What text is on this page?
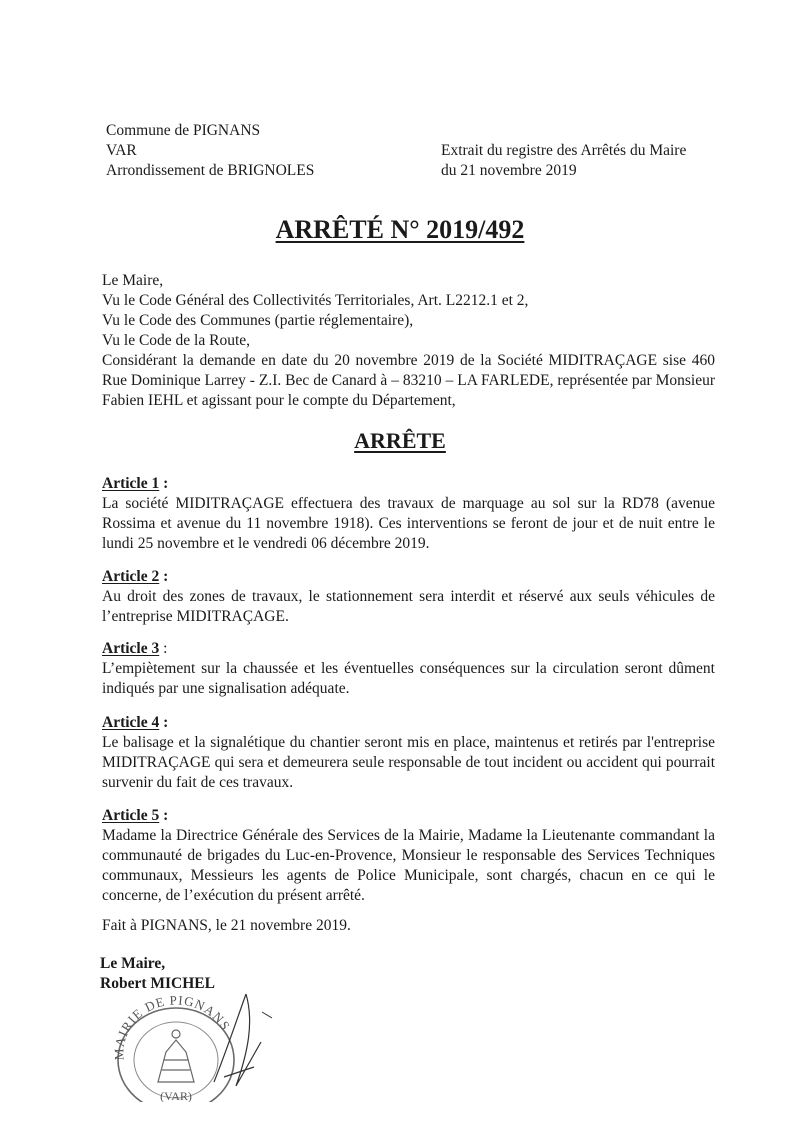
Commune de PIGNANS
VAR
Arrondissement de BRIGNOLES
Extrait du registre des Arrêtés du Maire
du 21 novembre 2019
ARRÊTÉ N° 2019/492
Le Maire,
Vu le Code Général des Collectivités Territoriales, Art. L2212.1 et 2,
Vu le Code des Communes (partie réglementaire),
Vu le Code de la Route,
Considérant la demande en date du 20 novembre 2019 de la Société MIDITRAÇAGE sise 460 Rue Dominique Larrey - Z.I. Bec de Canard à – 83210 – LA FARLEDE, représentée par Monsieur Fabien IEHL et agissant pour le compte du Département,
ARRÊTE
Article 1 :
La société MIDITRAÇAGE effectuera des travaux de marquage au sol sur la RD78 (avenue Rossima et avenue du 11 novembre 1918). Ces interventions se feront de jour et de nuit entre le lundi 25 novembre et le vendredi 06 décembre 2019.
Article 2 :
Au droit des zones de travaux, le stationnement sera interdit et réservé aux seuls véhicules de l’entreprise MIDITRAÇAGE.
Article 3 :
L’empiètement sur la chaussée et les éventuelles conséquences sur la circulation seront dûment indiqués par une signalisation adéquate.
Article 4 :
Le balisage et la signalétique du chantier seront mis en place, maintenus et retirés par l'entreprise MIDITRAÇAGE qui sera et demeurera seule responsable de tout incident ou accident qui pourrait survenir du fait de ces travaux.
Article 5 :
Madame la Directrice Générale des Services de la Mairie, Madame la Lieutenante commandant la communauté de brigades du Luc-en-Provence, Monsieur le responsable des Services Techniques communaux, Messieurs les agents de Police Municipale, sont chargés, chacun en ce qui le concerne, de l’exécution du présent arrêté.
Fait à PIGNANS, le 21 novembre 2019.
Le Maire,
Robert MICHEL
MAIRIE DE PIGNANS
(VAR)
